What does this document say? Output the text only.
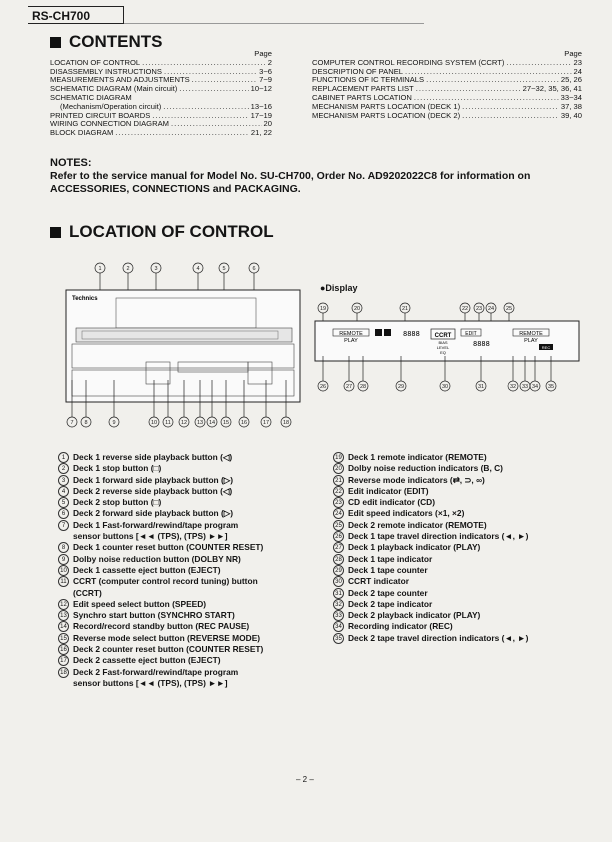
RS-CH700
CONTENTS
Page
LOCATION OF CONTROL .....	2
DISASSEMBLY INSTRUCTIONS .....	3~6
MEASUREMENTS AND ADJUSTMENTS .....	7~9
SCHEMATIC DIAGRAM (Main circuit) .....	10~12
SCHEMATIC DIAGRAM
(Mechanism/Operation circuit) .....	13~16
PRINTED CIRCUIT BOARDS .....	17~19
WIRING CONNECTION DIAGRAM .....	20
BLOCK DIAGRAM .....	21, 22
Page
COMPUTER CONTROL RECORDING SYSTEM (CCRT) .....	23
DESCRIPTION OF PANEL .....	24
FUNCTIONS OF IC TERMINALS .....	25, 26
REPLACEMENT PARTS LIST .....	27~32, 35, 36, 41
CABINET PARTS LOCATION .....	33~34
MECHANISM PARTS LOCATION (DECK 1) .....	37, 38
MECHANISM PARTS LOCATION (DECK 2) .....	39, 40
NOTES:
Refer to the service manual for Model No. SU-CH700, Order No. AD9202022C8 for information on ACCESSORIES, CONNECTIONS and PACKAGING.
LOCATION OF CONTROL
1	2	3	4	5	6
Technics
7 8	9	10 11 12 13 14 15 16	17	18
●Display
19	20	21	22 23 24 25
REMOTE
PLAY
8888 CCRT
BIAS
LEVEL
EQ
EDIT
8888
REMOTE
PLAY
REC
26	27 28	29	30	31	32 33 34 35
1 Deck 1 reverse side playback button (◁)
2 Deck 1 stop button (□)
3 Deck 1 forward side playback button (▷)
4 Deck 2 reverse side playback button (◁)
5 Deck 2 stop button (□)
6 Deck 2 forward side playback button (▷)
7 Deck 1 Fast-forward/rewind/tape program
sensor buttons [◄◄ (TPS), (TPS) ►►]
8 Deck 1 counter reset button (COUNTER RESET)
9 Dolby noise reduction button (DOLBY NR)
10 Deck 1 cassette eject button (EJECT)
11 CCRT (computer control record tuning) button
(CCRT)
12 Edit speed select button (SPEED)
13 Synchro start button (SYNCHRO START)
14 Record/record standby button (REC PAUSE)
15 Reverse mode select button (REVERSE MODE)
16 Deck 2 counter reset button (COUNTER RESET)
17 Deck 2 cassette eject button (EJECT)
18 Deck 2 Fast-forward/rewind/tape program
sensor buttons [◄◄ (TPS), (TPS) ►►]
19 Deck 1 remote indicator (REMOTE)
20 Dolby noise reduction indicators (B, C)
21 Reverse mode indicators (⇄, ⊃, ∞)
22 Edit indicator (EDIT)
23 CD edit indicator (CD)
24 Edit speed indicators (×1, ×2)
25 Deck 2 remote indicator (REMOTE)
26 Deck 1 tape travel direction indicators (◄, ►)
27 Deck 1 playback indicator (PLAY)
28 Deck 1 tape indicator
29 Deck 1 tape counter
30 CCRT indicator
31 Deck 2 tape counter
32 Deck 2 tape indicator
33 Deck 2 playback indicator (PLAY)
34 Recording indicator (REC)
35 Deck 2 tape travel direction indicators (◄, ►)
– 2 –
